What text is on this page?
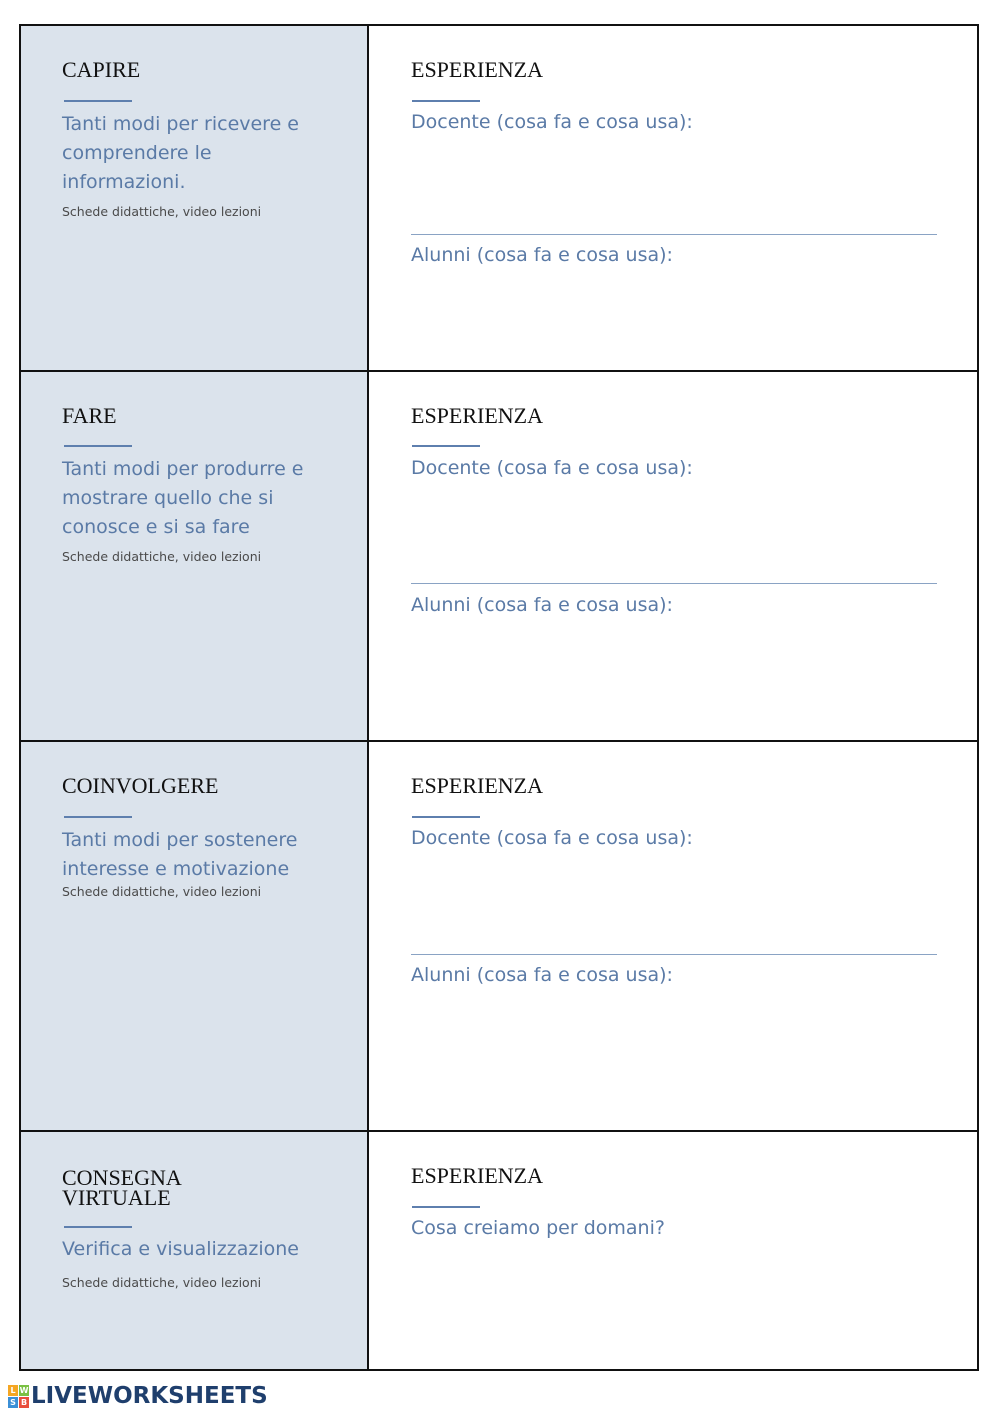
CAPIRE

Tanti modi per ricevere e comprendere le informazioni.

Schede didattiche, video lezioni

ESPERIENZA

Docente (cosa fa e cosa usa):

Alunni (cosa fa e cosa usa):

FARE

Tanti modi per produrre e mostrare quello che si conosce e si sa fare

Schede didattiche, video lezioni

ESPERIENZA

Docente (cosa fa e cosa usa):

Alunni (cosa fa e cosa usa):

COINVOLGERE

Tanti modi per sostenere interesse e motivazione

Schede didattiche, video lezioni

ESPERIENZA

Docente (cosa fa e cosa usa):

Alunni (cosa fa e cosa usa):

CONSEGNA
VIRTUALE

Verifica e visualizzazione

Schede didattiche, video lezioni

ESPERIENZA

Cosa creiamo per domani?

L W
S B LIVEWORKSHEETS
